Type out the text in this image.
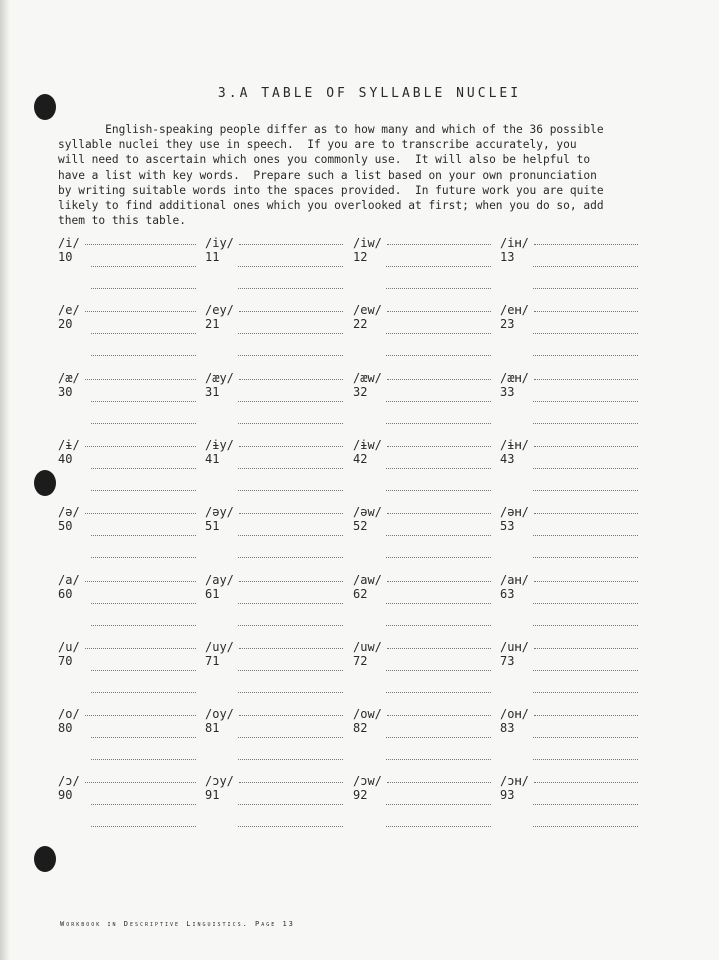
3.A TABLE OF SYLLABLE NUCLEI
English-speaking people differ as to how many and which of the 36 possible
syllable nuclei they use in speech.  If you are to transcribe accurately, you
will need to ascertain which ones you commonly use.  It will also be helpful to
have a list with key words.  Prepare such a list based on your own pronunciation
by writing suitable words into the spaces provided.  In future work you are quite
likely to find additional ones which you overlooked at first; when you do so, add
them to this table.
/i/
10
/iy/
11
/iw/
12
/iʜ/
13
/e/
20
/ey/
21
/ew/
22
/eʜ/
23
/æ/
30
/æy/
31
/æw/
32
/æʜ/
33
/ɨ/
40
/ɨy/
41
/ɨw/
42
/ɨʜ/
43
/ə/
50
/əy/
51
/əw/
52
/əʜ/
53
/a/
60
/ay/
61
/aw/
62
/aʜ/
63
/u/
70
/uy/
71
/uw/
72
/uʜ/
73
/o/
80
/oy/
81
/ow/
82
/oʜ/
83
/ɔ/
90
/ɔy/
91
/ɔw/
92
/ɔʜ/
93
Workbook in Descriptive Linguistics. Page 13
